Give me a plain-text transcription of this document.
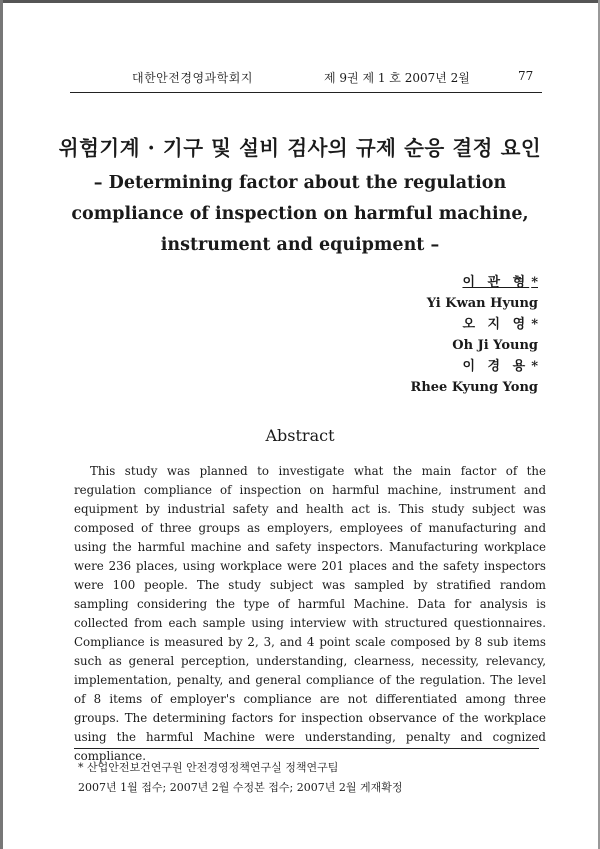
대한안전경영과학회지	제 9권 제 1 호 2007년 2월	77
위험기계 · 기구 및 설비 검사의 규제 순응 결정 요인
– Determining factor about the regulation
compliance of inspection on harmful machine,
instrument and equipment –
이 관 형 *
Yi Kwan Hyung
오 지 영 *
Oh Ji Young
이 경 용 *
Rhee Kyung Yong
Abstract
This study was planned to investigate what the main factor of the regulation compliance of inspection on harmful machine, instrument and equipment by industrial safety and health act is. This study subject was composed of three groups as employers, employees of manufacturing and using the harmful machine and safety inspectors. Manufacturing workplace were 236 places, using workplace were 201 places and the safety inspectors were 100 people. The study subject was sampled by stratified random sampling considering the type of harmful Machine. Data for analysis is collected from each sample using interview with structured questionnaires. Compliance is measured by 2, 3, and 4 point scale composed by 8 sub items such as general perception, understanding, clearness, necessity, relevancy, implementation, penalty, and general compliance of the regulation. The level of 8 items of employer's compliance are not differentiated among three groups. The determining factors for inspection observance of the workplace using the harmful Machine were understanding, penalty and cognized compliance.
* 산업안전보건연구원 안전경영정책연구실 정책연구팀
2007년 1월 접수; 2007년 2월 수정본 접수; 2007년 2월 게재확정
